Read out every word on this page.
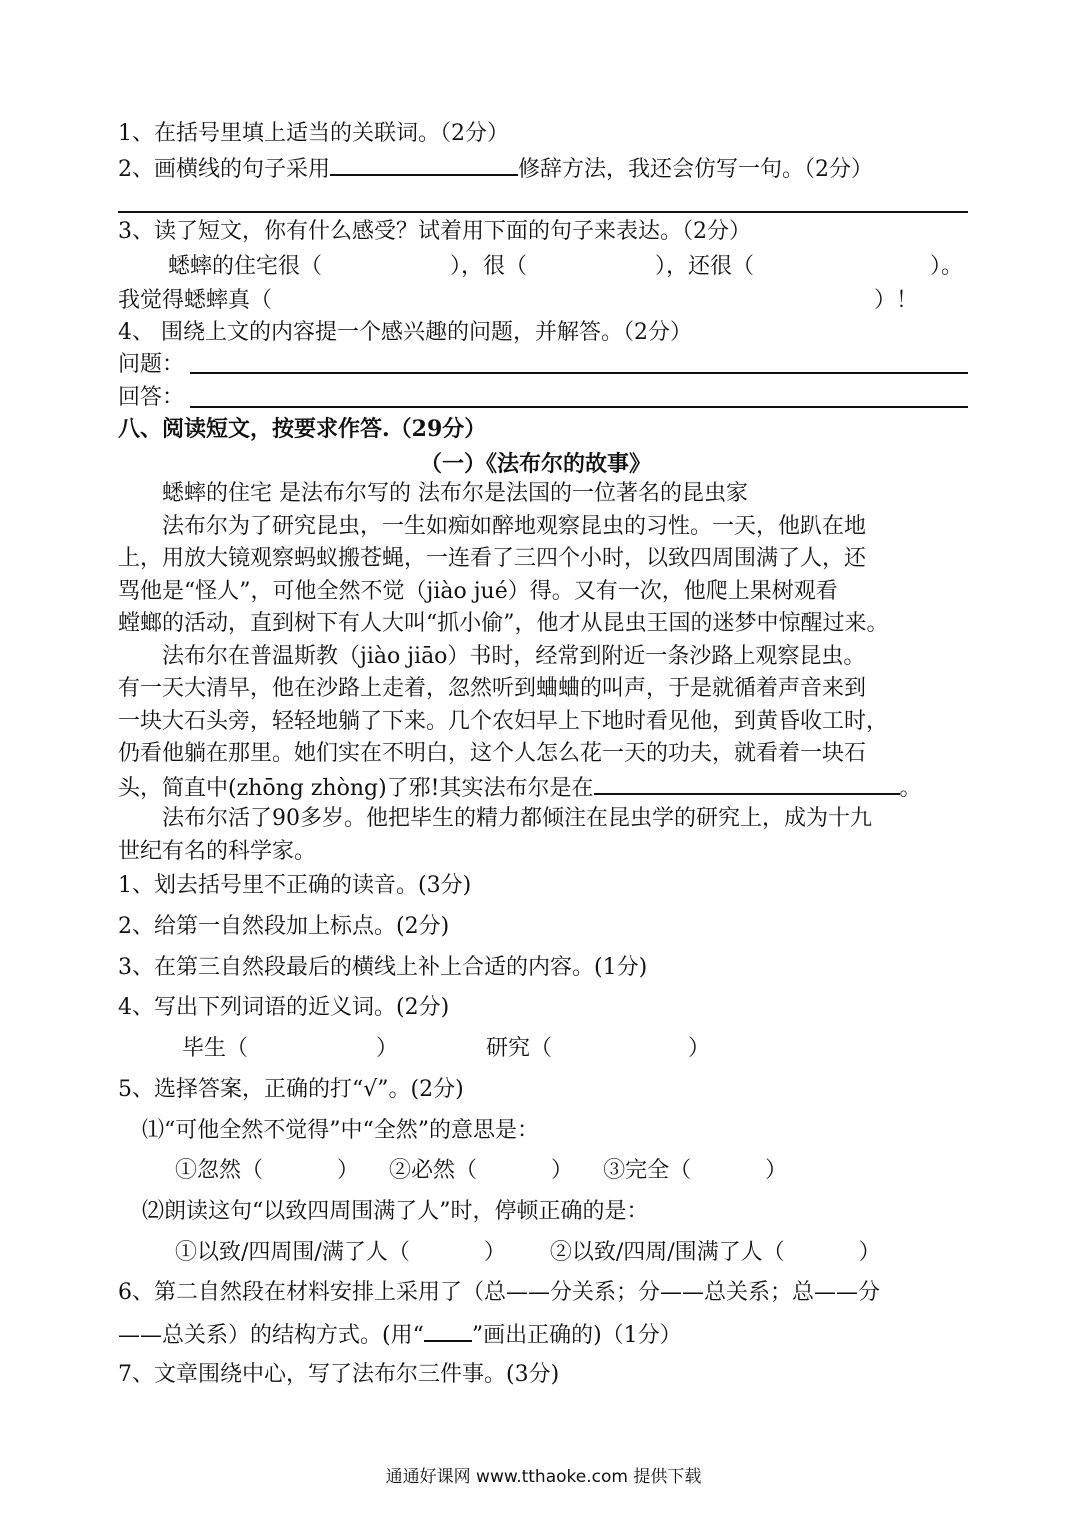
1、在括号里填上适当的关联词。（2分）
2、画横线的句子采用	修辞方法，我还会仿写一句。（2分）
3、读了短文，你有什么感受？试着用下面的句子来表达。（2分）
蟋蟀的住宅很（	），很（	），还很（	）。
我觉得蟋蟀真（	）！
4、 围绕上文的内容提一个感兴趣的问题，并解答。（2分）
问题：
回答：
八、阅读短文，按要求作答.（29分）
（一）《法布尔的故事》
蟋蟀的住宅 是法布尔写的 法布尔是法国的一位著名的昆虫家
法布尔为了研究昆虫，一生如痴如醉地观察昆虫的习性。一天，他趴在地
上，用放大镜观察蚂蚁搬苍蝇，一连看了三四个小时，以致四周围满了人，还
骂他是“怪人”，可他全然不觉（jiào jué）得。又有一次，他爬上果树观看
螳螂的活动，直到树下有人大叫“抓小偷”，他才从昆虫王国的迷梦中惊醒过来。
法布尔在普温斯教（jiào jiāo）书时，经常到附近一条沙路上观察昆虫。
有一天大清早，他在沙路上走着，忽然听到蛐蛐的叫声，于是就循着声音来到
一块大石头旁，轻轻地躺了下来。几个农妇早上下地时看见他，到黄昏收工时，
仍看他躺在那里。她们实在不明白，这个人怎么花一天的功夫，就看着一块石
头，简直中(zhōng zhòng)了邪!其实法布尔是在	。
法布尔活了90多岁。他把毕生的精力都倾注在昆虫学的研究上，成为十九
世纪有名的科学家。
1、划去括号里不正确的读音。(3分)
2、给第一自然段加上标点。(2分)
3、在第三自然段最后的横线上补上合适的内容。(1分)
4、写出下列词语的近义词。(2分)
毕生（	）	研究（	）
5、选择答案，正确的打“√”。(2分)
⑴“可他全然不觉得”中“全然”的意思是：
①忽然（	） ②必然（	） ③完全（	）
⑵朗读这句“以致四周围满了人”时，停顿正确的是：
①以致/四周围/满了人（	） ②以致/四周/围满了人（	）
6、第二自然段在材料安排上采用了（总——分关系；分——总关系；总——分
——总关系）的结构方式。(用“ ”画出正确的)（1分）
7、文章围绕中心，写了法布尔三件事。(3分)
通通好课网 www.tthaoke.com 提供下载
